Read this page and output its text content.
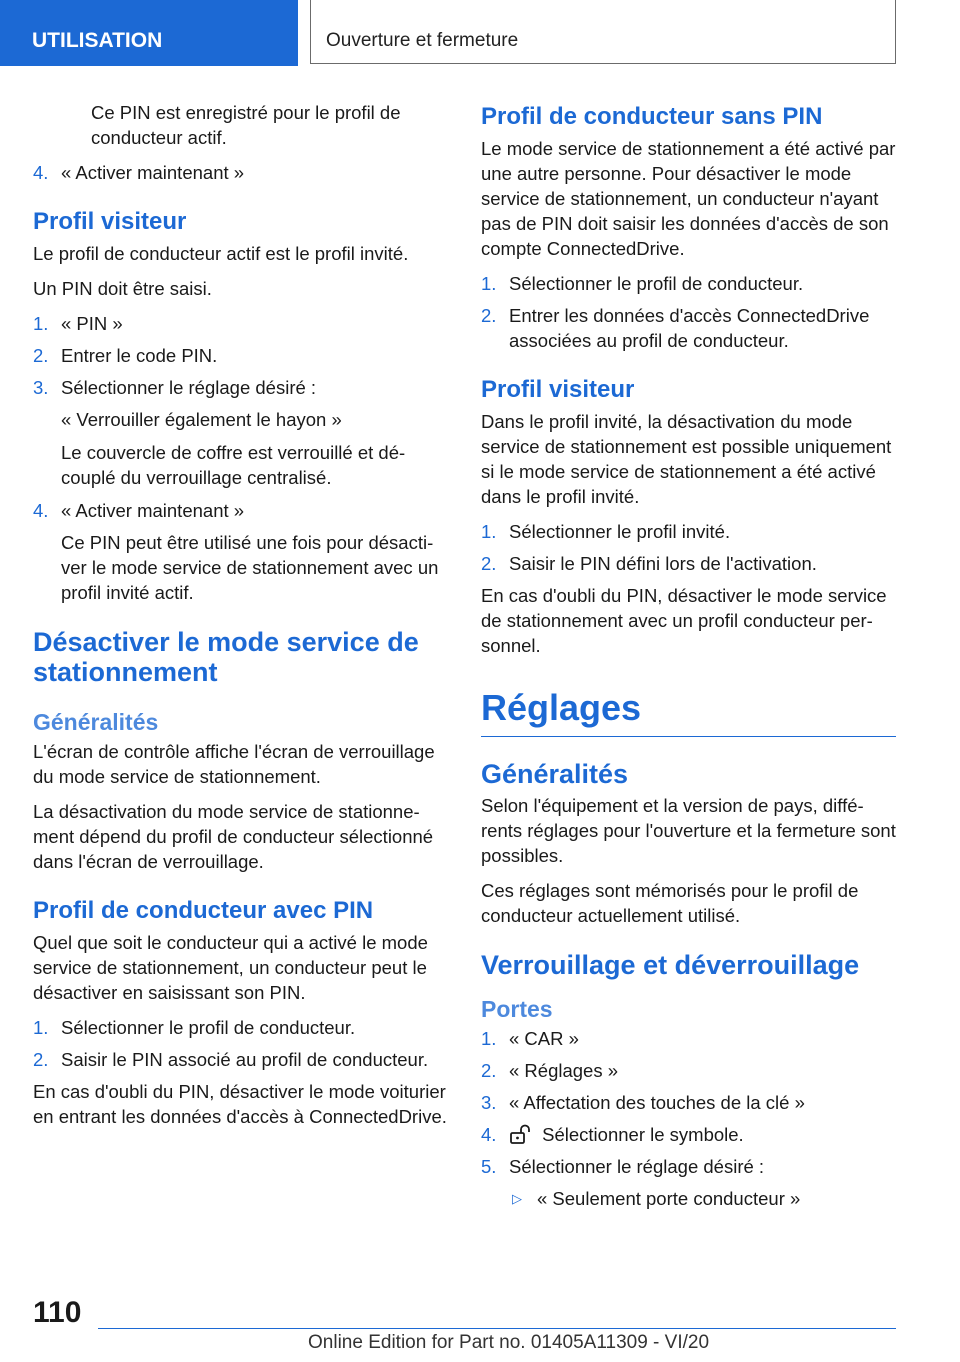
UTILISATION	Ouverture et fermeture

Ce PIN est enregistré pour le profil de conducteur actif.

4. « Activer maintenant »
Profil visiteur

Le profil de conducteur actif est le profil invité.

Un PIN doit être saisi.

1. « PIN »
2. Entrer le code PIN.
3. Sélectionner le réglage désiré :

« Verrouiller également le hayon »

Le couvercle de coffre est verrouillé et découplé du verrouillage centralisé.

4. « Activer maintenant »

Ce PIN peut être utilisé une fois pour désactiver le mode service de stationnement avec un profil invité actif.

Désactiver le mode service de stationnement
Généralités

L'écran de contrôle affiche l'écran de verrouillage du mode service de stationnement.

La désactivation du mode service de stationnement dépend du profil de conducteur sélectionné dans l'écran de verrouillage.

Profil de conducteur avec PIN

Quel que soit le conducteur qui a activé le mode service de stationnement, un conducteur peut le désactiver en saisissant son PIN.

1. Sélectionner le profil de conducteur.
2. Saisir le PIN associé au profil de conducteur.

En cas d'oubli du PIN, désactiver le mode voiturier en entrant les données d'accès à ConnectedDrive.

Profil de conducteur sans PIN

Le mode service de stationnement a été activé par une autre personne. Pour désactiver le mode service de stationnement, un conducteur n'ayant pas de PIN doit saisir les données d'accès de son compte ConnectedDrive.

1. Sélectionner le profil de conducteur.
2. Entrer les données d'accès ConnectedDrive associées au profil de conducteur.
Profil visiteur

Dans le profil invité, la désactivation du mode service de stationnement est possible uniquement si le mode service de stationnement a été activé dans le profil invité.

1. Sélectionner le profil invité.
2. Saisir le PIN défini lors de l'activation.

En cas d'oubli du PIN, désactiver le mode service de stationnement avec un profil conducteur personnel.

Réglages
Généralités

Selon l'équipement et la version de pays, différents réglages pour l'ouverture et la fermeture sont possibles.

Ces réglages sont mémorisés pour le profil de conducteur actuellement utilisé.

Verrouillage et déverrouillage
Portes
1. « CAR »
2. « Réglages »
3. « Affectation des touches de la clé »
4. Sélectionner le symbole.
5. Sélectionner le réglage désiré :
▷ « Seulement porte conducteur »
110
Online Edition for Part no. 01405A11309 - VI/20
